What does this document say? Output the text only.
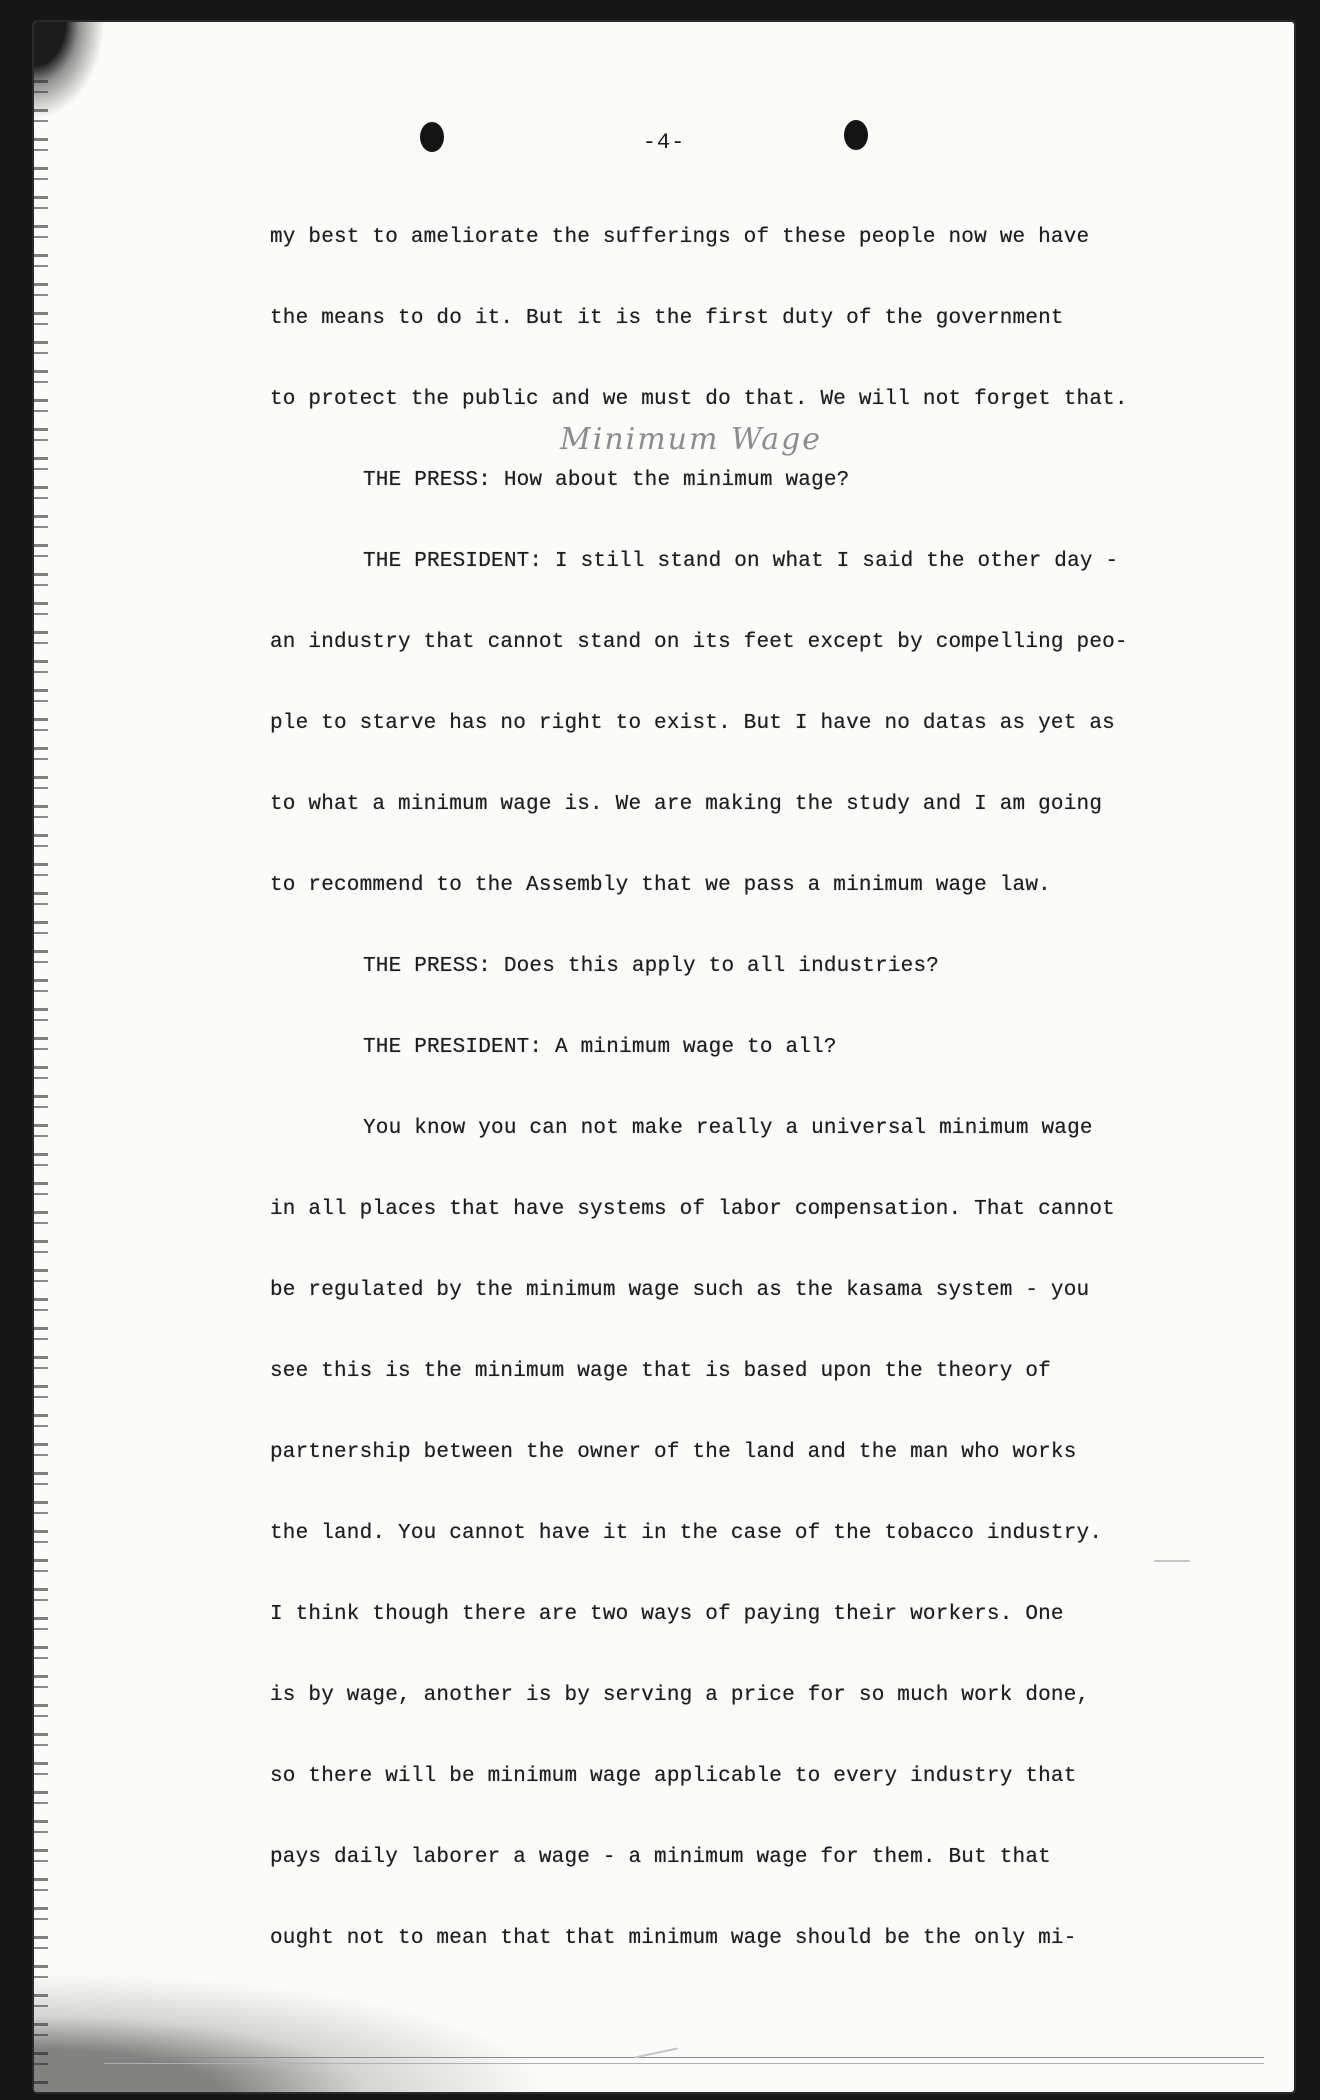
-4-
Minimum Wage
my best to ameliorate the sufferings of these people now we have
the means to do it. But it is the first duty of the government
to protect the public and we must do that. We will not forget that.
THE PRESS: How about the minimum wage?
THE PRESIDENT: I still stand on what I said the other day -
an industry that cannot stand on its feet except by compelling peo-
ple to starve has no right to exist. But I have no datas as yet as
to what a minimum wage is. We are making the study and I am going
to recommend to the Assembly that we pass a minimum wage law.
THE PRESS: Does this apply to all industries?
THE PRESIDENT: A minimum wage to all?
You know you can not make really a universal minimum wage
in all places that have systems of labor compensation. That cannot
be regulated by the minimum wage such as the kasama system - you
see this is the minimum wage that is based upon the theory of
partnership between the owner of the land and the man who works
the land. You cannot have it in the case of the tobacco industry.
I think though there are two ways of paying their workers. One
is by wage, another is by serving a price for so much work done,
so there will be minimum wage applicable to every industry that
pays daily laborer a wage - a minimum wage for them. But that
ought not to mean that that minimum wage should be the only mi-
